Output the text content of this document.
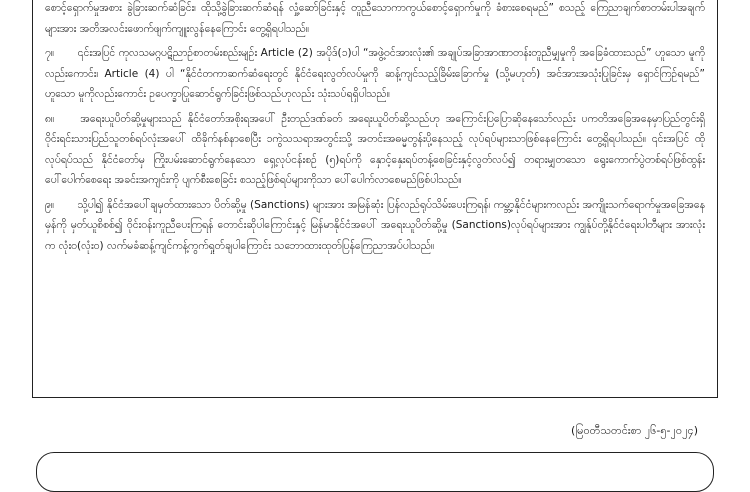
စောင့်ရှောက်မှုအစား ခွဲခြားဆက်ဆံခြင်း၊ ထိုသို့ခွဲခြားဆက်ဆံရန် လှုံ့ဆော်ခြင်းနှင့် တူညီသောကာကွယ်စောင့်ရှောက်မှုကို ခံစားစေရမည်” စသည့် ကြေညာချက်စာတမ်းပါအချက်များအား အတိအလင်းဖောက်ဖျက်ကျူးလွန်နေကြောင်း တွေ့ရှိရပါသည်။

၇။ ၎င်းအပြင် ကုလသမဂ္ဂပဋိညာဉ်စာတမ်းစည်းမျဉ်း Article (2) အပိုဒ်(၁)ပါ “အဖွဲ့ဝင်အားလုံး၏ အချုပ်အခြာအာဏာတန်းတူညီမျှမှုကို အခြေခံထားသည်” ဟူသော မူကိုလည်းကောင်း၊ Article (4) ပါ “နိုင်ငံတကာဆက်ဆံရေးတွင် နိုင်ငံရေးလွတ်လပ်မှုကို ဆန့်ကျင်သည့်ခြိမ်းခြောက်မှု (သို့မဟုတ်) အင်အားအသုံးပြုခြင်းမှ ရှောင်ကြဉ်ရမည်” ဟူသော မူကိုလည်းကောင်း ဥပေက္ခာပြုဆောင်ရွက်ခြင်းဖြစ်သည်ဟုလည်း သုံးသပ်ရရှိပါသည်။

၈။ အရေးယူပိတ်ဆို့မှုများသည် နိုင်ငံတော်အစိုးရအပေါ် ဦးတည်ဒဏ်ခတ် အရေးယူပိတ်ဆို့သည်ဟု အကြောင်းပြပြောဆိုနေသော်လည်း ပကတိအခြေအနေမှာပြည်တွင်းရှိ ဝိုင်းရင်းသားပြည်သူတစ်ရပ်လုံးအပေါ် ထိခိုက်နစ်နာစေပြီး ၁ကွဲသသရာအတွင်းသို့ အတင်းအဓမ္မတွန်းပို့နေသည့် လုပ်ရပ်များသာဖြစ်နေကြောင်း တွေ့ရှိရပါသည်။ ၎င်းအပြင် ထိုလုပ်ရပ်သည် နိုင်ငံတော်မှ ကြိုးပမ်းဆောင်ရွက်နေသော ရှေ့လုပ်ငန်းစဉ် (၅)ရပ်ကို နှောင့်နှေးရပ်တန့်စေခြင်းနှင့်လွတ်လပ်၍ တရားမျှတသော ရွေးကောက်ပွဲတစ်ရပ်ဖြစ်ထွန်းပေါ်ပေါက်စေရေး အခင်းအကျင်းကို ပျက်စီးစေခြင်း စသည့်ဖြစ်ရပ်များကိုသာ ပေါ်ပေါက်လာစေမည်ဖြစ်ပါသည်။

၉။ သို့ပါ၍ နိုင်ငံအပေါ်ချမှတ်ထားသော ပိတ်ဆို့မှု (Sanctions) များအား အမြန်ဆုံး ပြန်လည်ရုပ်သိမ်းပေးကြရန်၊ ကမ္ဘာ့နိုင်ငံများကလည်း အကျိုးသက်ရောက်မှုအခြေအနေမှန်ကို မှတ်ယူစိစစ်၍ ဝိုင်းဝန်းကူညီပေးကြရန် တောင်းဆိုပါကြောင်းနှင့် မြန်မာနိုင်ငံအပေါ် အရေးယူပိတ်ဆို့မှု (Sanctions)လုပ်ရပ်များအား ကျွန်ုပ်တို့နိုင်ငံရေးပါတီများ အားလုံးက လုံး၀(လုံး၀) လက်မခံဆန့်ကျင်ကန့်ကွက်ရှုတ်ချပါကြောင်း သဘောထားထုတ်ပြန်ကြေညာအပ်ပါသည်။

(မြဝတီသတင်းစာ ၂၆-၅-၂၀၂၄)
